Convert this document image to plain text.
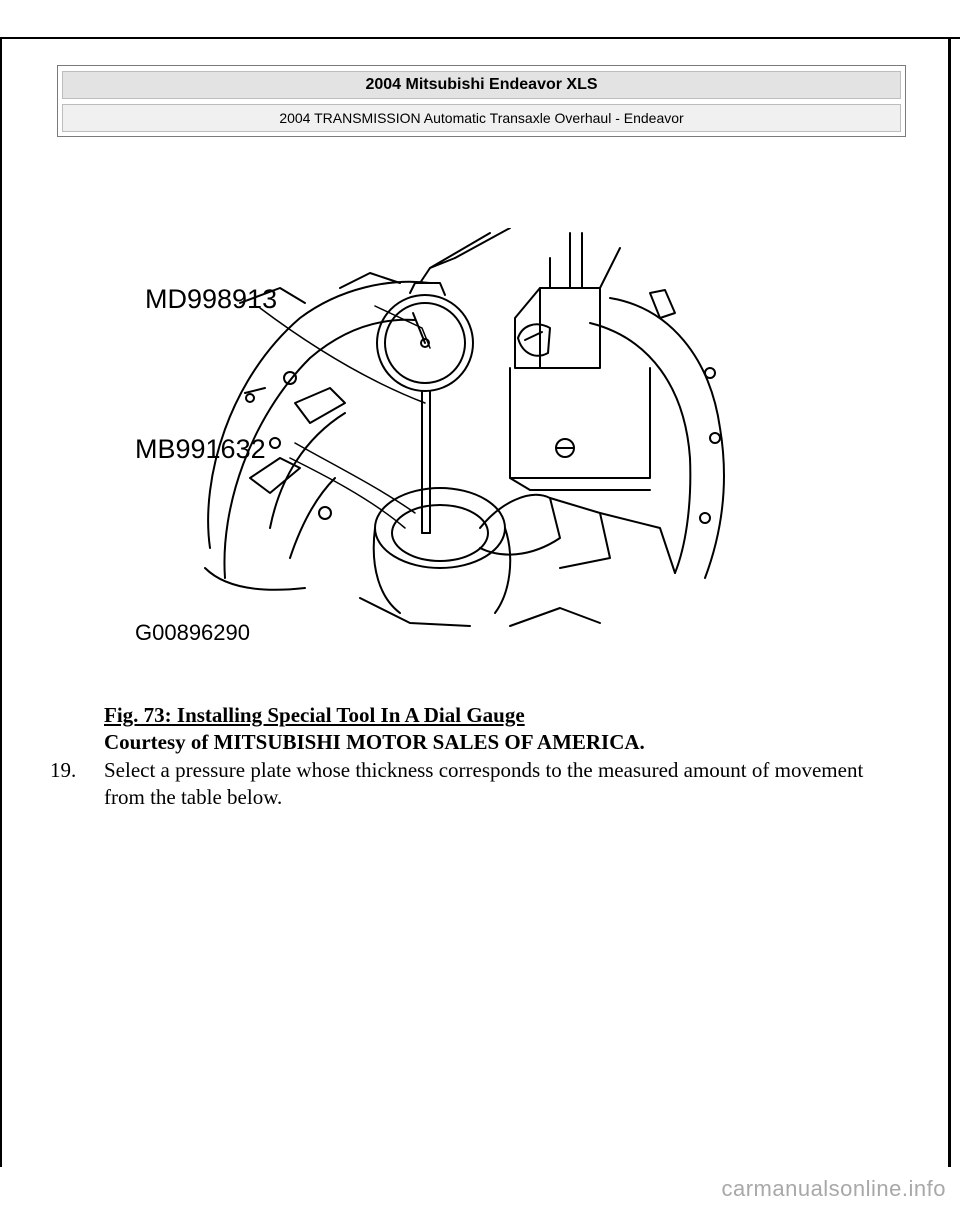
2004 Mitsubishi Endeavor XLS
2004 TRANSMISSION Automatic Transaxle Overhaul - Endeavor
MD998913
MB991632
G00896290
Fig. 73: Installing Special Tool In A Dial Gauge
Courtesy of MITSUBISHI MOTOR SALES OF AMERICA.
19. Select a pressure plate whose thickness corresponds to the measured amount of movement from the table below.
carmanualsonline.info
